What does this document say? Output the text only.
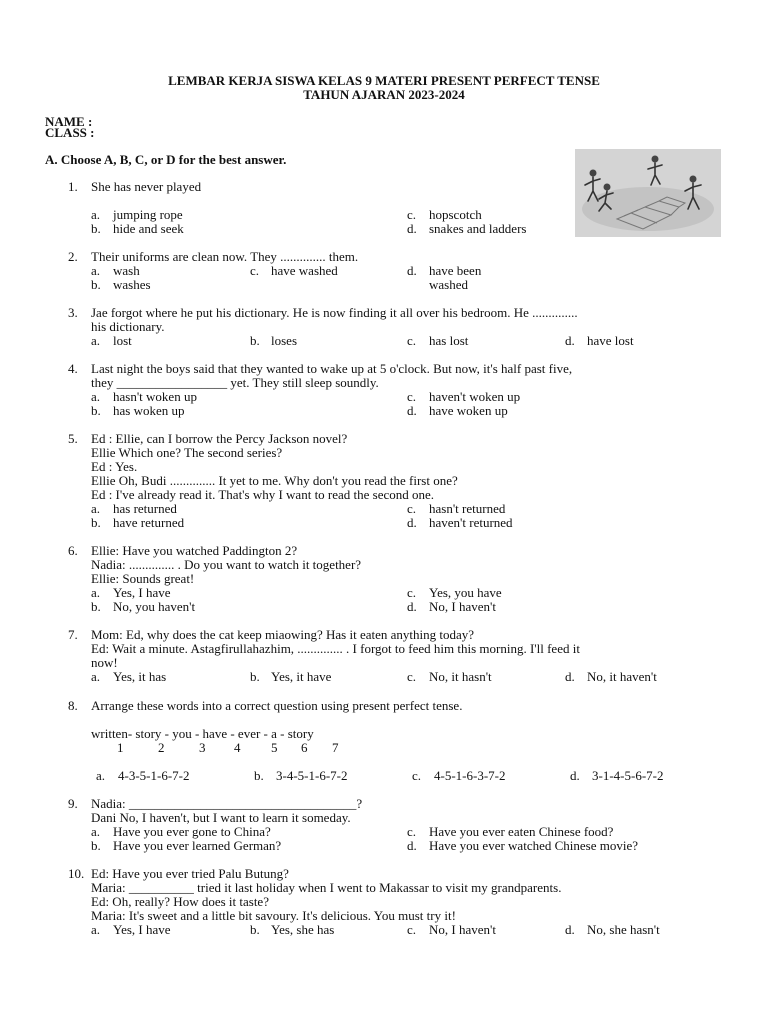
LEMBAR KERJA SISWA KELAS 9 MATERI PRESENT PERFECT TENSE
TAHUN AJARAN 2023-2024
NAME :
CLASS :
A. Choose A, B, C, or D for the best answer.
1. She has never played
a. jumping rope	c. hopscotch
b. hide and seek	d. snakes and ladders
2. Their uniforms are clean now. They .............. them.
a. wash	c. have washed	d. have been
b. washes	washed
3. Jae forgot where he put his dictionary. He is now finding it all over his bedroom. He ..............
his dictionary.
a. lost	b. loses	c. has lost	d. have lost
4. Last night the boys said that they wanted to wake up at 5 o'clock. But now, it's half past five,
they _________________ yet. They still sleep soundly.
a. hasn't woken up	c. haven't woken up
b. has woken up	d. have woken up
5. Ed : Ellie, can I borrow the Percy Jackson novel?
Ellie Which one? The second series?
Ed : Yes.
Ellie Oh, Budi .............. It yet to me. Why don't you read the first one?
Ed : I've already read it. That's why I want to read the second one.
a. has returned	c. hasn't returned
b. have returned	d. haven't returned
6. Ellie: Have you watched Paddington 2?
Nadia: .............. . Do you want to watch it together?
Ellie: Sounds great!
a. Yes, I have	c. Yes, you have
b. No, you haven't	d. No, I haven't
7. Mom: Ed, why does the cat keep miaowing? Has it eaten anything today?
Ed: Wait a minute. Astagfirullahazhim, .............. . I forgot to feed him this morning. I'll feed it
now!
a. Yes, it has	b. Yes, it have	c. No, it hasn't	d. No, it haven't
8. Arrange these words into a correct question using present perfect tense.
written- story - you - have - ever - a - story
1	2	3 4 5 6 7
a. 4-3-5-1-6-7-2	b. 3-4-5-1-6-7-2	c. 4-5-1-6-3-7-2	d. 3-1-4-5-6-7-2
9. Nadia: ___________________________________?
Dani No, I haven't, but I want to learn it someday.
a. Have you ever gone to China?	c. Have you ever eaten Chinese food?
b. Have you ever learned German?	d. Have you ever watched Chinese movie?
10. Ed: Have you ever tried Palu Butung?
Maria: __________ tried it last holiday when I went to Makassar to visit my grandparents.
Ed: Oh, really? How does it taste?
Maria: It's sweet and a little bit savoury. It's delicious. You must try it!
a. Yes, I have	b. Yes, she has	c. No, I haven't	d. No, she hasn't
